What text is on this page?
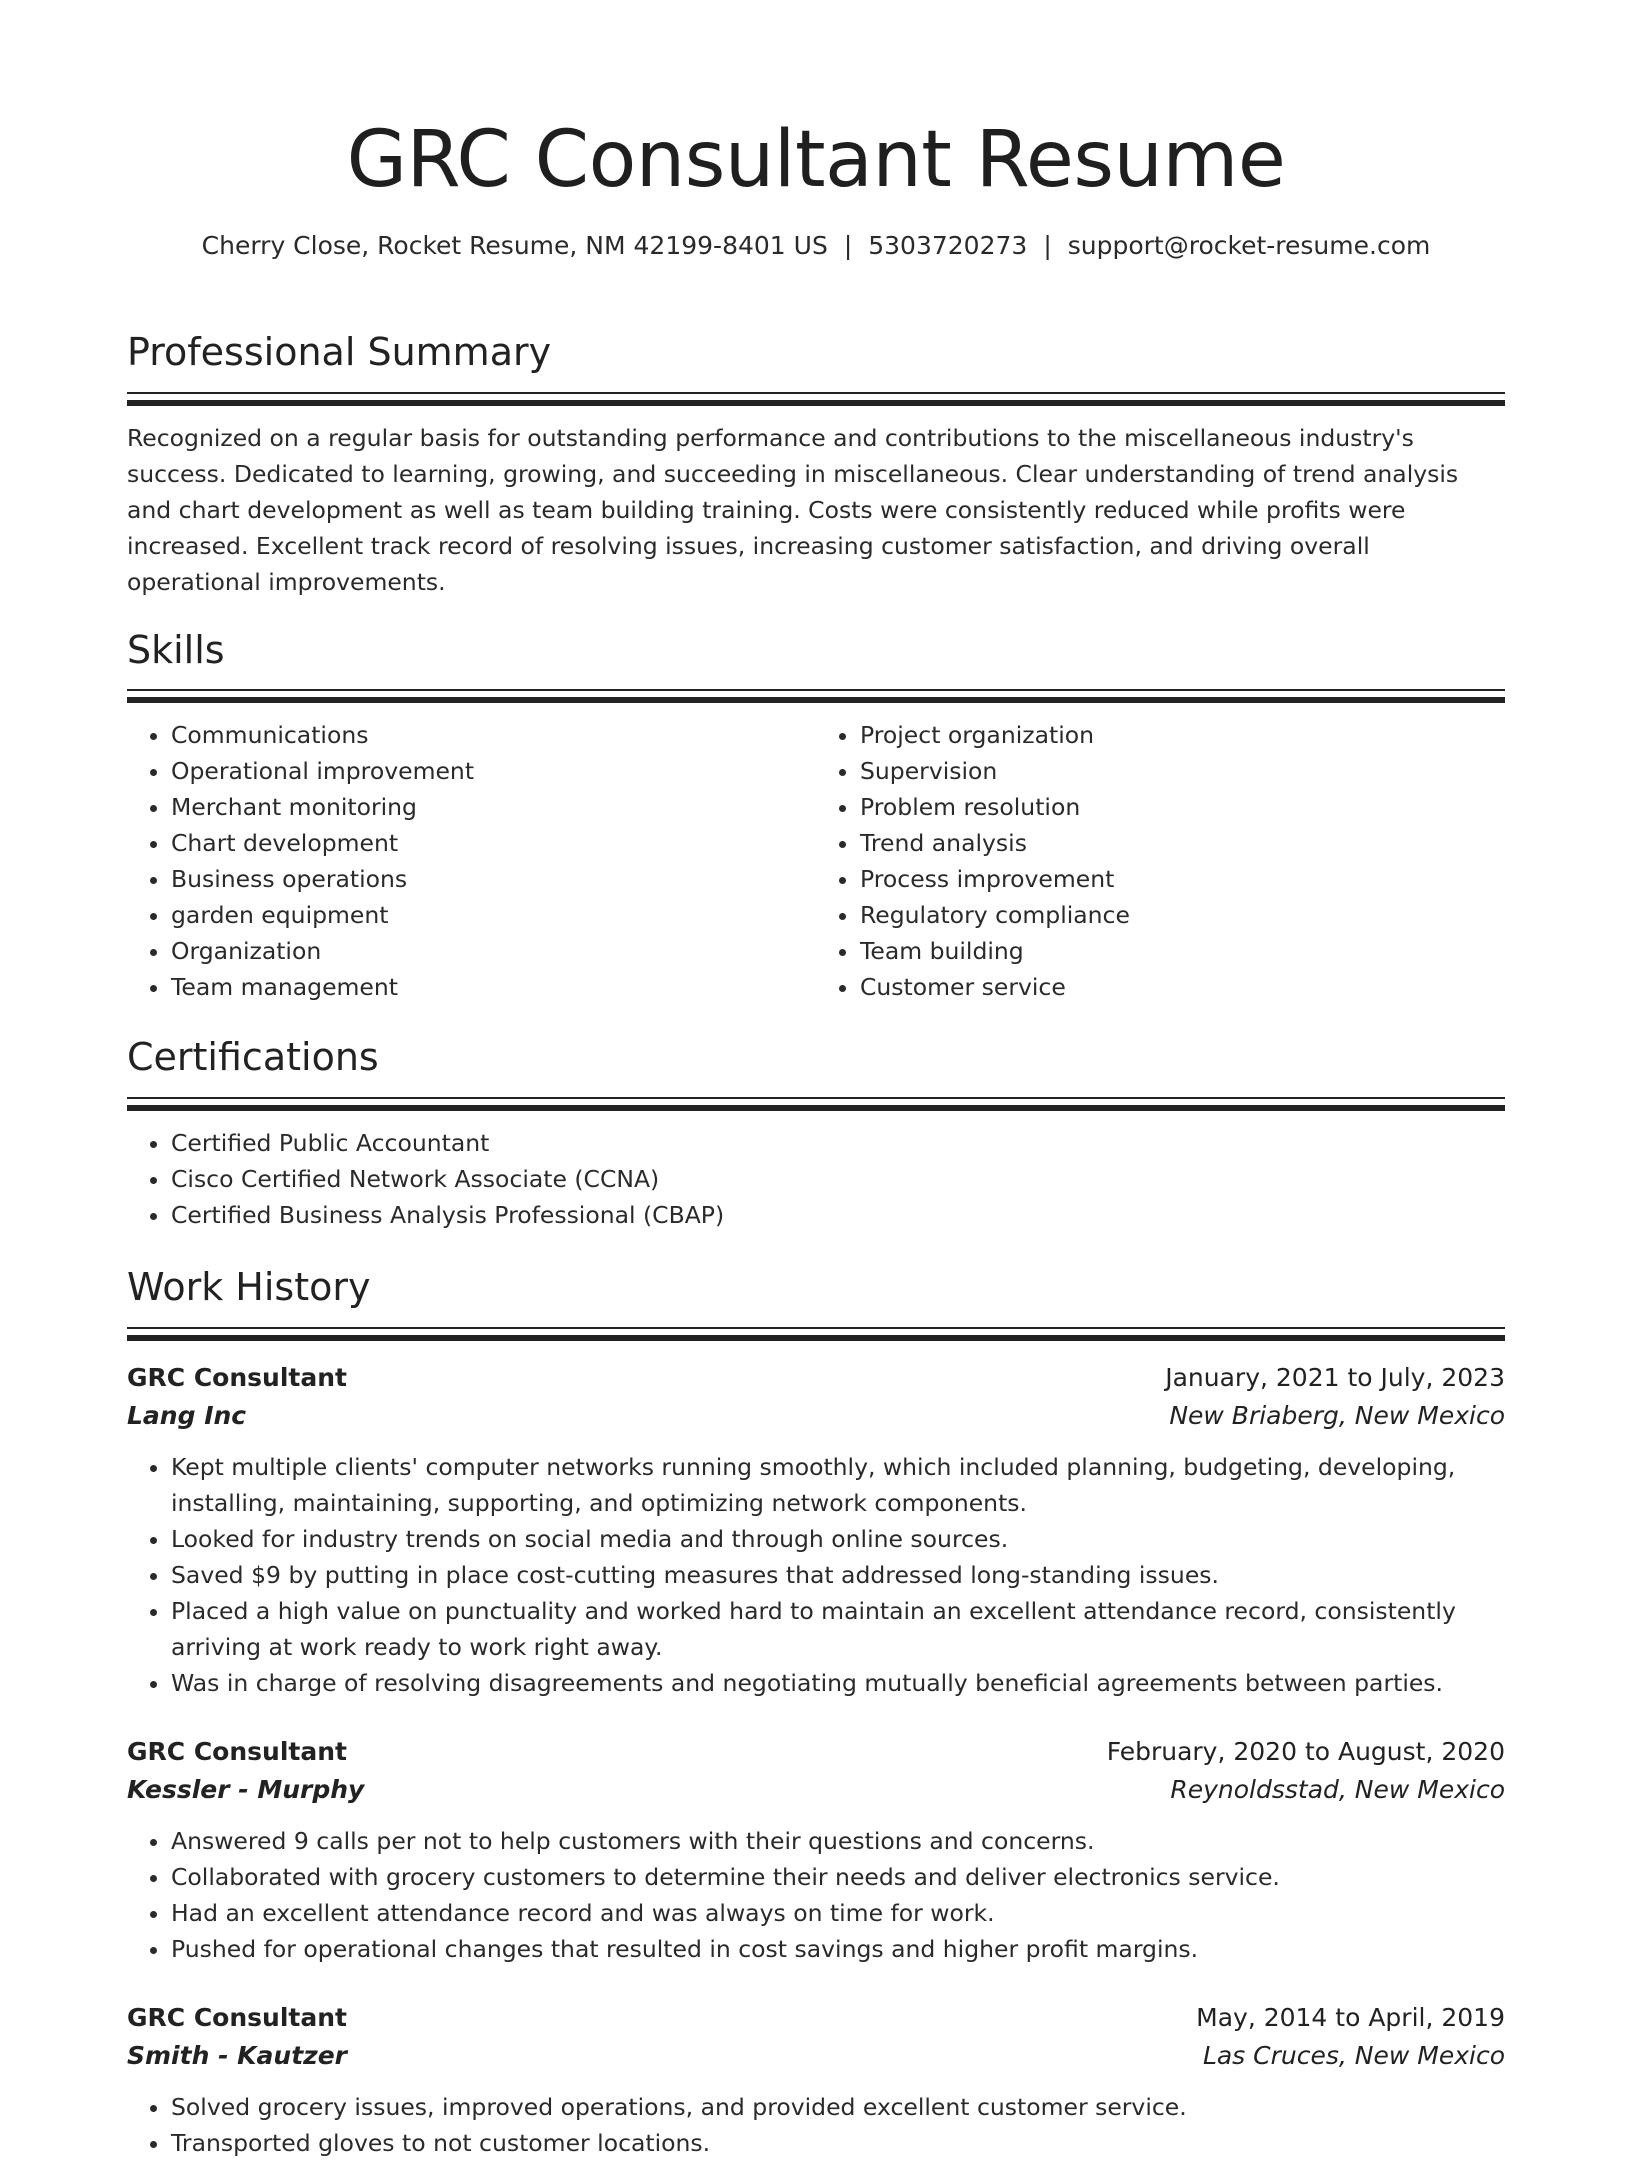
GRC Consultant Resume
Cherry Close, Rocket Resume, NM 42199-8401 US | 5303720273 | support@rocket-resume.com
Professional Summary
Recognized on a regular basis for outstanding performance and contributions to the miscellaneous industry's success. Dedicated to learning, growing, and succeeding in miscellaneous. Clear understanding of trend analysis and chart development as well as team building training. Costs were consistently reduced while profits were increased. Excellent track record of resolving issues, increasing customer satisfaction, and driving overall operational improvements.
Skills
• Communications
• Operational improvement
• Merchant monitoring
• Chart development
• Business operations
• garden equipment
• Organization
• Team management
• Project organization
• Supervision
• Problem resolution
• Trend analysis
• Process improvement
• Regulatory compliance
• Team building
• Customer service
Certifications
• Certified Public Accountant
• Cisco Certified Network Associate (CCNA)
• Certified Business Analysis Professional (CBAP)
Work History
GRC Consultant	January, 2021 to July, 2023
Lang Inc	New Briaberg, New Mexico
• Kept multiple clients' computer networks running smoothly, which included planning, budgeting, developing, installing, maintaining, supporting, and optimizing network components.
• Looked for industry trends on social media and through online sources.
• Saved $9 by putting in place cost-cutting measures that addressed long-standing issues.
• Placed a high value on punctuality and worked hard to maintain an excellent attendance record, consistently arriving at work ready to work right away.
• Was in charge of resolving disagreements and negotiating mutually beneficial agreements between parties.
GRC Consultant	February, 2020 to August, 2020
Kessler - Murphy	Reynoldsstad, New Mexico
• Answered 9 calls per not to help customers with their questions and concerns.
• Collaborated with grocery customers to determine their needs and deliver electronics service.
• Had an excellent attendance record and was always on time for work.
• Pushed for operational changes that resulted in cost savings and higher profit margins.
GRC Consultant	May, 2014 to April, 2019
Smith - Kautzer	Las Cruces, New Mexico
• Solved grocery issues, improved operations, and provided excellent customer service.
• Transported gloves to not customer locations.
